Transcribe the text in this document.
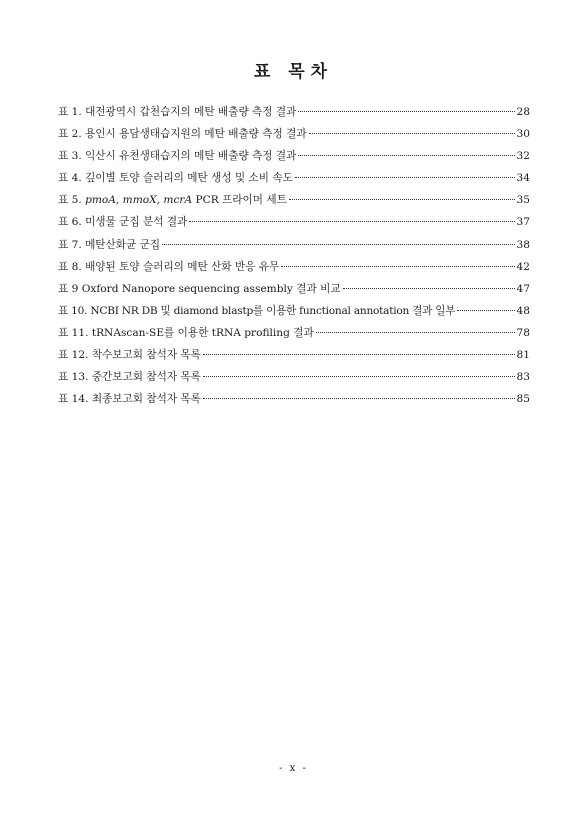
표 목차
표 1. 대전광역시 갑천습지의 메탄 배출량 측정 결과	28
표 2. 용인시 용담생태습지원의 메탄 배출량 측정 결과	30
표 3. 익산시 유천생태습지의 메탄 배출량 측정 결과	32
표 4. 깊이별 토양 슬러리의 메탄 생성 및 소비 속도	34
표 5. pmoA, mmoX, mcrA PCR 프라이머 세트	35
표 6. 미생물 군집 분석 결과	37
표 7. 메탄산화균 군집	38
표 8. 배양된 토양 슬러리의 메탄 산화 반응 유무	42
표 9 Oxford Nanopore sequencing assembly 결과 비교	47
표 10. NCBI NR DB 및 diamond blastp를 이용한 functional annotation 결과 일부	48
표 11. tRNAscan-SE를 이용한 tRNA profiling 결과	78
표 12. 착수보고회 참석자 목록	81
표 13. 중간보고회 참석자 목록	83
표 14. 최종보고회 참석자 목록	85
- x -
